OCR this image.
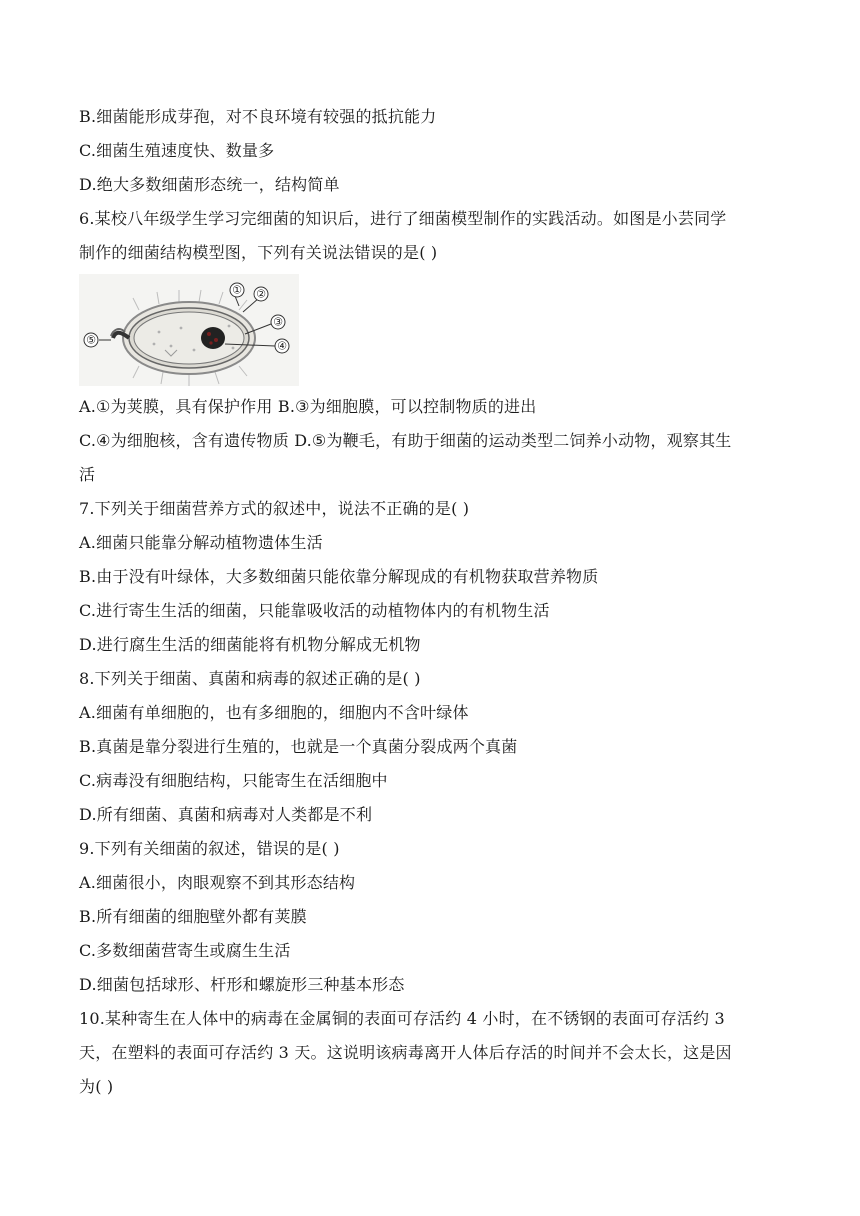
B.细菌能形成芽孢，对不良环境有较强的抵抗能力
C.细菌生殖速度快、数量多
D.绝大多数细菌形态统一，结构简单
6.某校八年级学生学习完细菌的知识后，进行了细菌模型制作的实践活动。如图是小芸同学
制作的细菌结构模型图，下列有关说法错误的是( )
① ②
③
④
⑤
A.①为荚膜，具有保护作用 B.③为细胞膜，可以控制物质的进出
C.④为细胞核，含有遗传物质 D.⑤为鞭毛，有助于细菌的运动类型二饲养小动物，观察其生
活
7.下列关于细菌营养方式的叙述中，说法不正确的是( )
A.细菌只能靠分解动植物遗体生活
B.由于没有叶绿体，大多数细菌只能依靠分解现成的有机物获取营养物质
C.进行寄生生活的细菌，只能靠吸收活的动植物体内的有机物生活
D.进行腐生生活的细菌能将有机物分解成无机物
8.下列关于细菌、真菌和病毒的叙述正确的是( )
A.细菌有单细胞的，也有多细胞的，细胞内不含叶绿体
B.真菌是靠分裂进行生殖的，也就是一个真菌分裂成两个真菌
C.病毒没有细胞结构，只能寄生在活细胞中
D.所有细菌、真菌和病毒对人类都是不利
9.下列有关细菌的叙述，错误的是( )
A.细菌很小，肉眼观察不到其形态结构
B.所有细菌的细胞壁外都有荚膜
C.多数细菌营寄生或腐生生活
D.细菌包括球形、杆形和螺旋形三种基本形态
10.某种寄生在人体中的病毒在金属铜的表面可存活约 4 小时，在不锈钢的表面可存活约 3
天，在塑料的表面可存活约 3 天。这说明该病毒离开人体后存活的时间并不会太长，这是因
为( )
